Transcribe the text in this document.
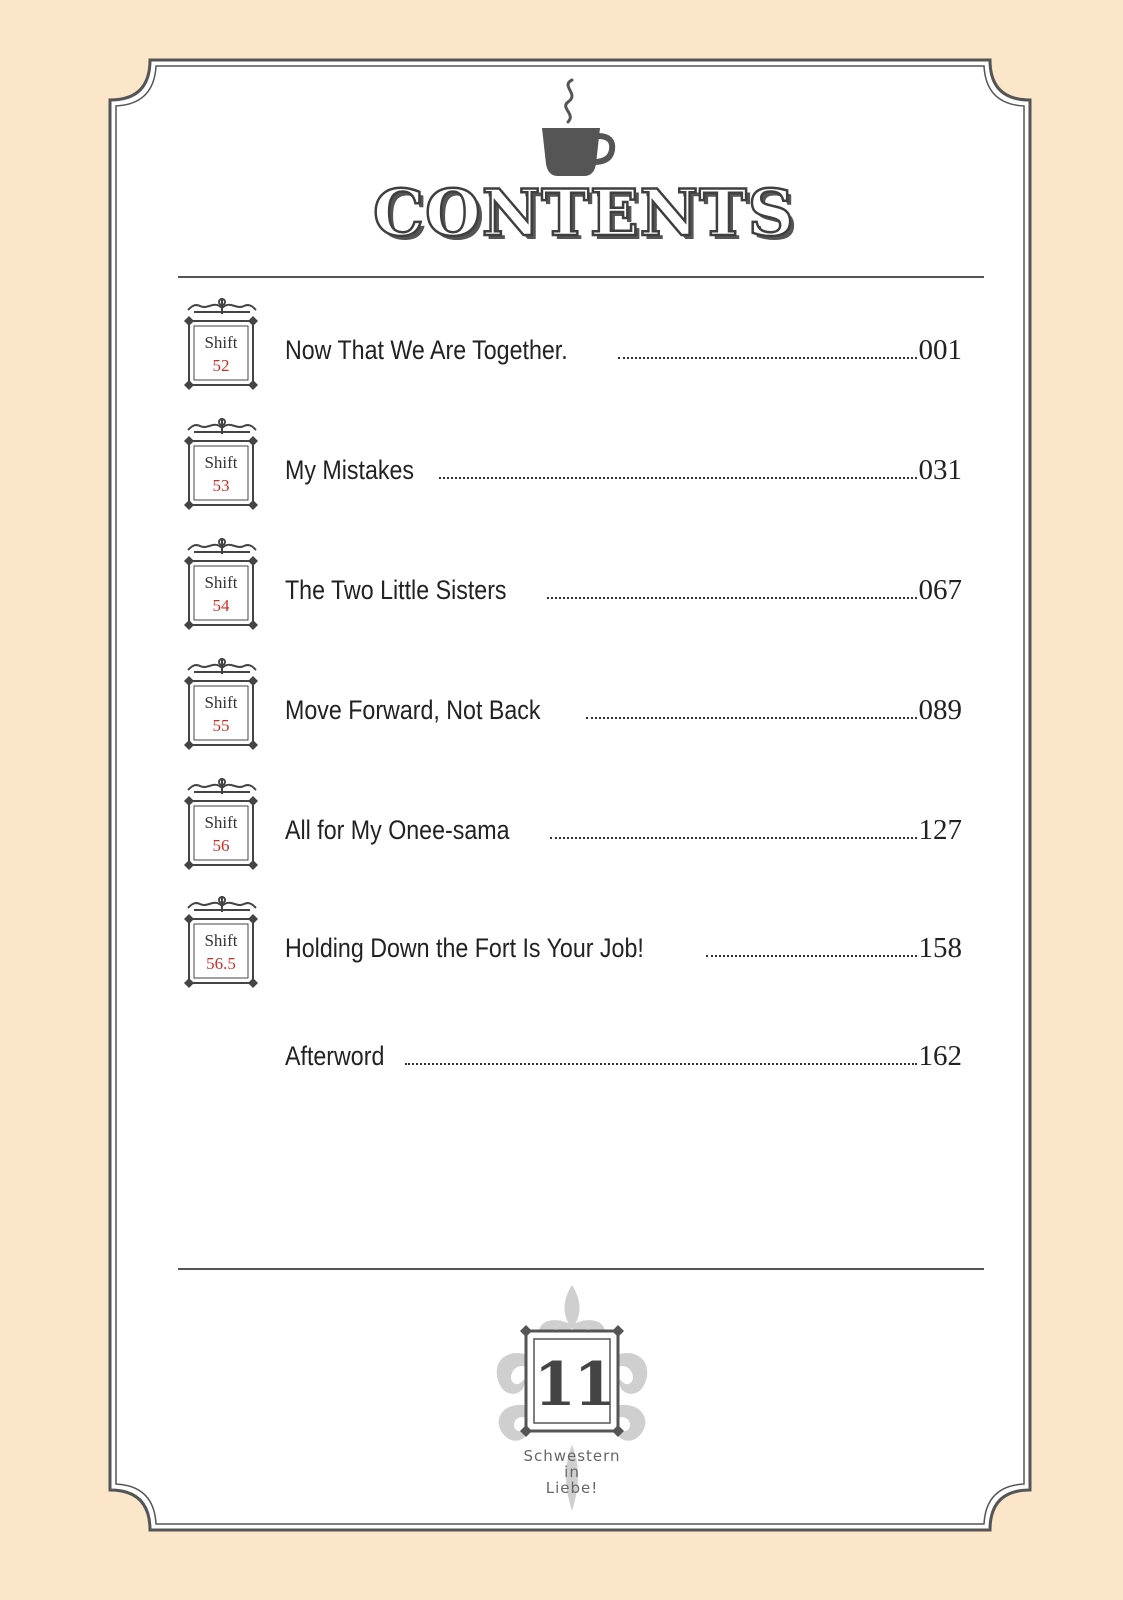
CONTENTS
Shift
52
Now That We Are Together.	001
Shift
53
My Mistakes	031
Shift
54
The Two Little Sisters	067
Shift
55
Move Forward, Not Back	089
Shift
56
All for My Onee-sama	127
Shift
56.5
Holding Down the Fort Is Your Job!	158
Afterword	162
11
Schwestern
in
Liebe!
